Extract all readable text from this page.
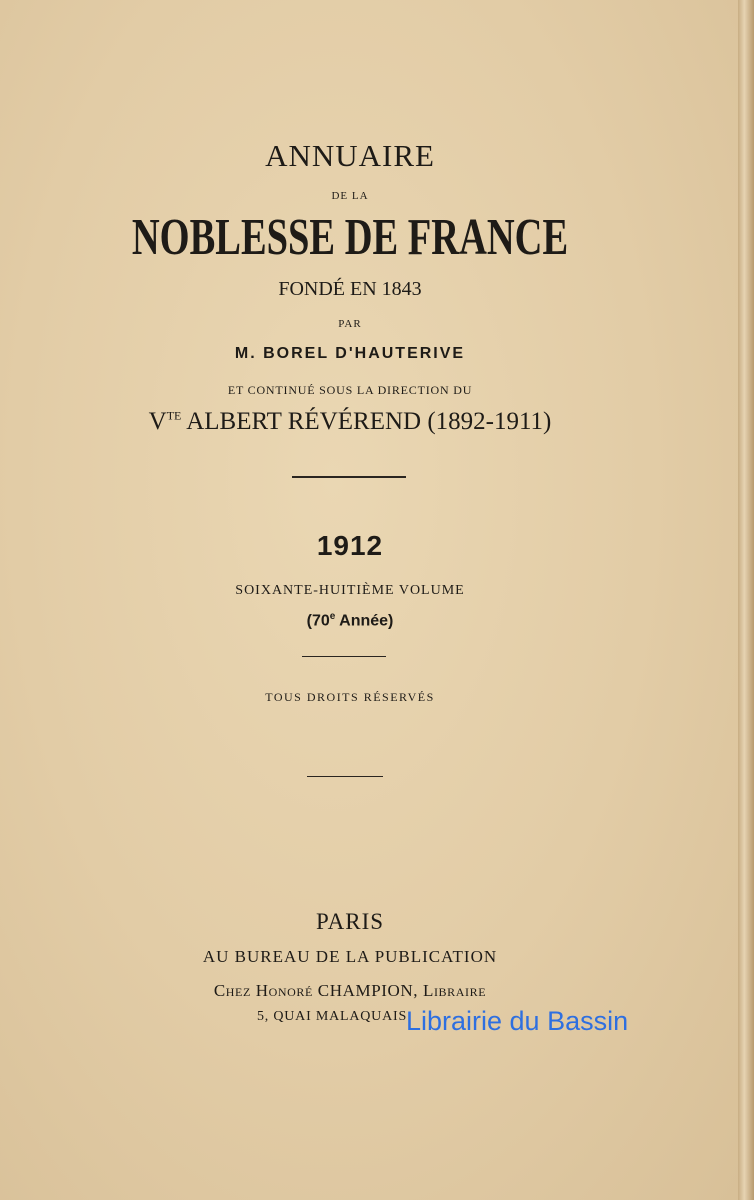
ANNUAIRE
DE LA
NOBLESSE DE FRANCE
FONDÉ EN 1843
PAR
M. BOREL D'HAUTERIVE
ET CONTINUÉ SOUS LA DIRECTION DU
$V^{TE}$ ALBERT RÉVÉREND (1892-1911)
1912
SOIXANTE-HUITIÈME VOLUME
(70e Année)
TOUS DROITS RÉSERVÉS
PARIS
AU BUREAU DE LA PUBLICATION
Chez Honoré CHAMPION, Libraire
5, QUAI MALAQUAIS
Librairie du Bassin
